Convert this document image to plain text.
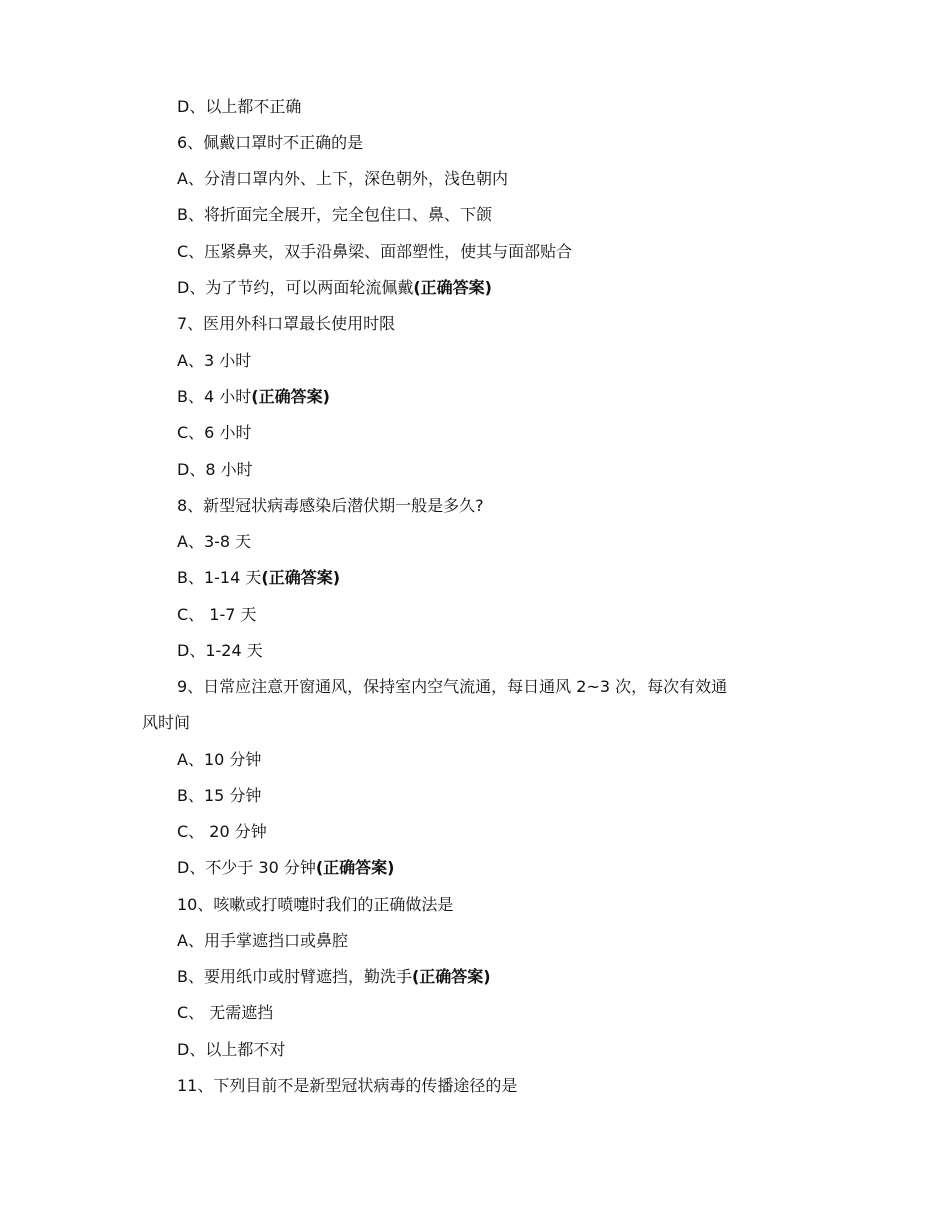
D、以上都不正确
6、佩戴口罩时不正确的是
A、分清口罩内外、上下，深色朝外，浅色朝内
B、将折面完全展开，完全包住口、鼻、下颌
C、压紧鼻夹，双手沿鼻梁、面部塑性，使其与面部贴合
D、为了节约，可以两面轮流佩戴(正确答案)
7、医用外科口罩最长使用时限
A、3 小时
B、4 小时(正确答案)
C、6 小时
D、8 小时
8、新型冠状病毒感染后潜伏期一般是多久?
A、3-8 天
B、1-14 天(正确答案)
C、 1-7 天
D、1-24 天
9、日常应注意开窗通风，保持室内空气流通，每日通风 2~3 次，每次有效通
风时间
A、10 分钟
B、15 分钟
C、 20 分钟
D、不少于 30 分钟(正确答案)
10、咳嗽或打喷嚏时我们的正确做法是
A、用手掌遮挡口或鼻腔
B、要用纸巾或肘臂遮挡，勤洗手(正确答案)
C、 无需遮挡
D、以上都不对
11、下列目前不是新型冠状病毒的传播途径的是
